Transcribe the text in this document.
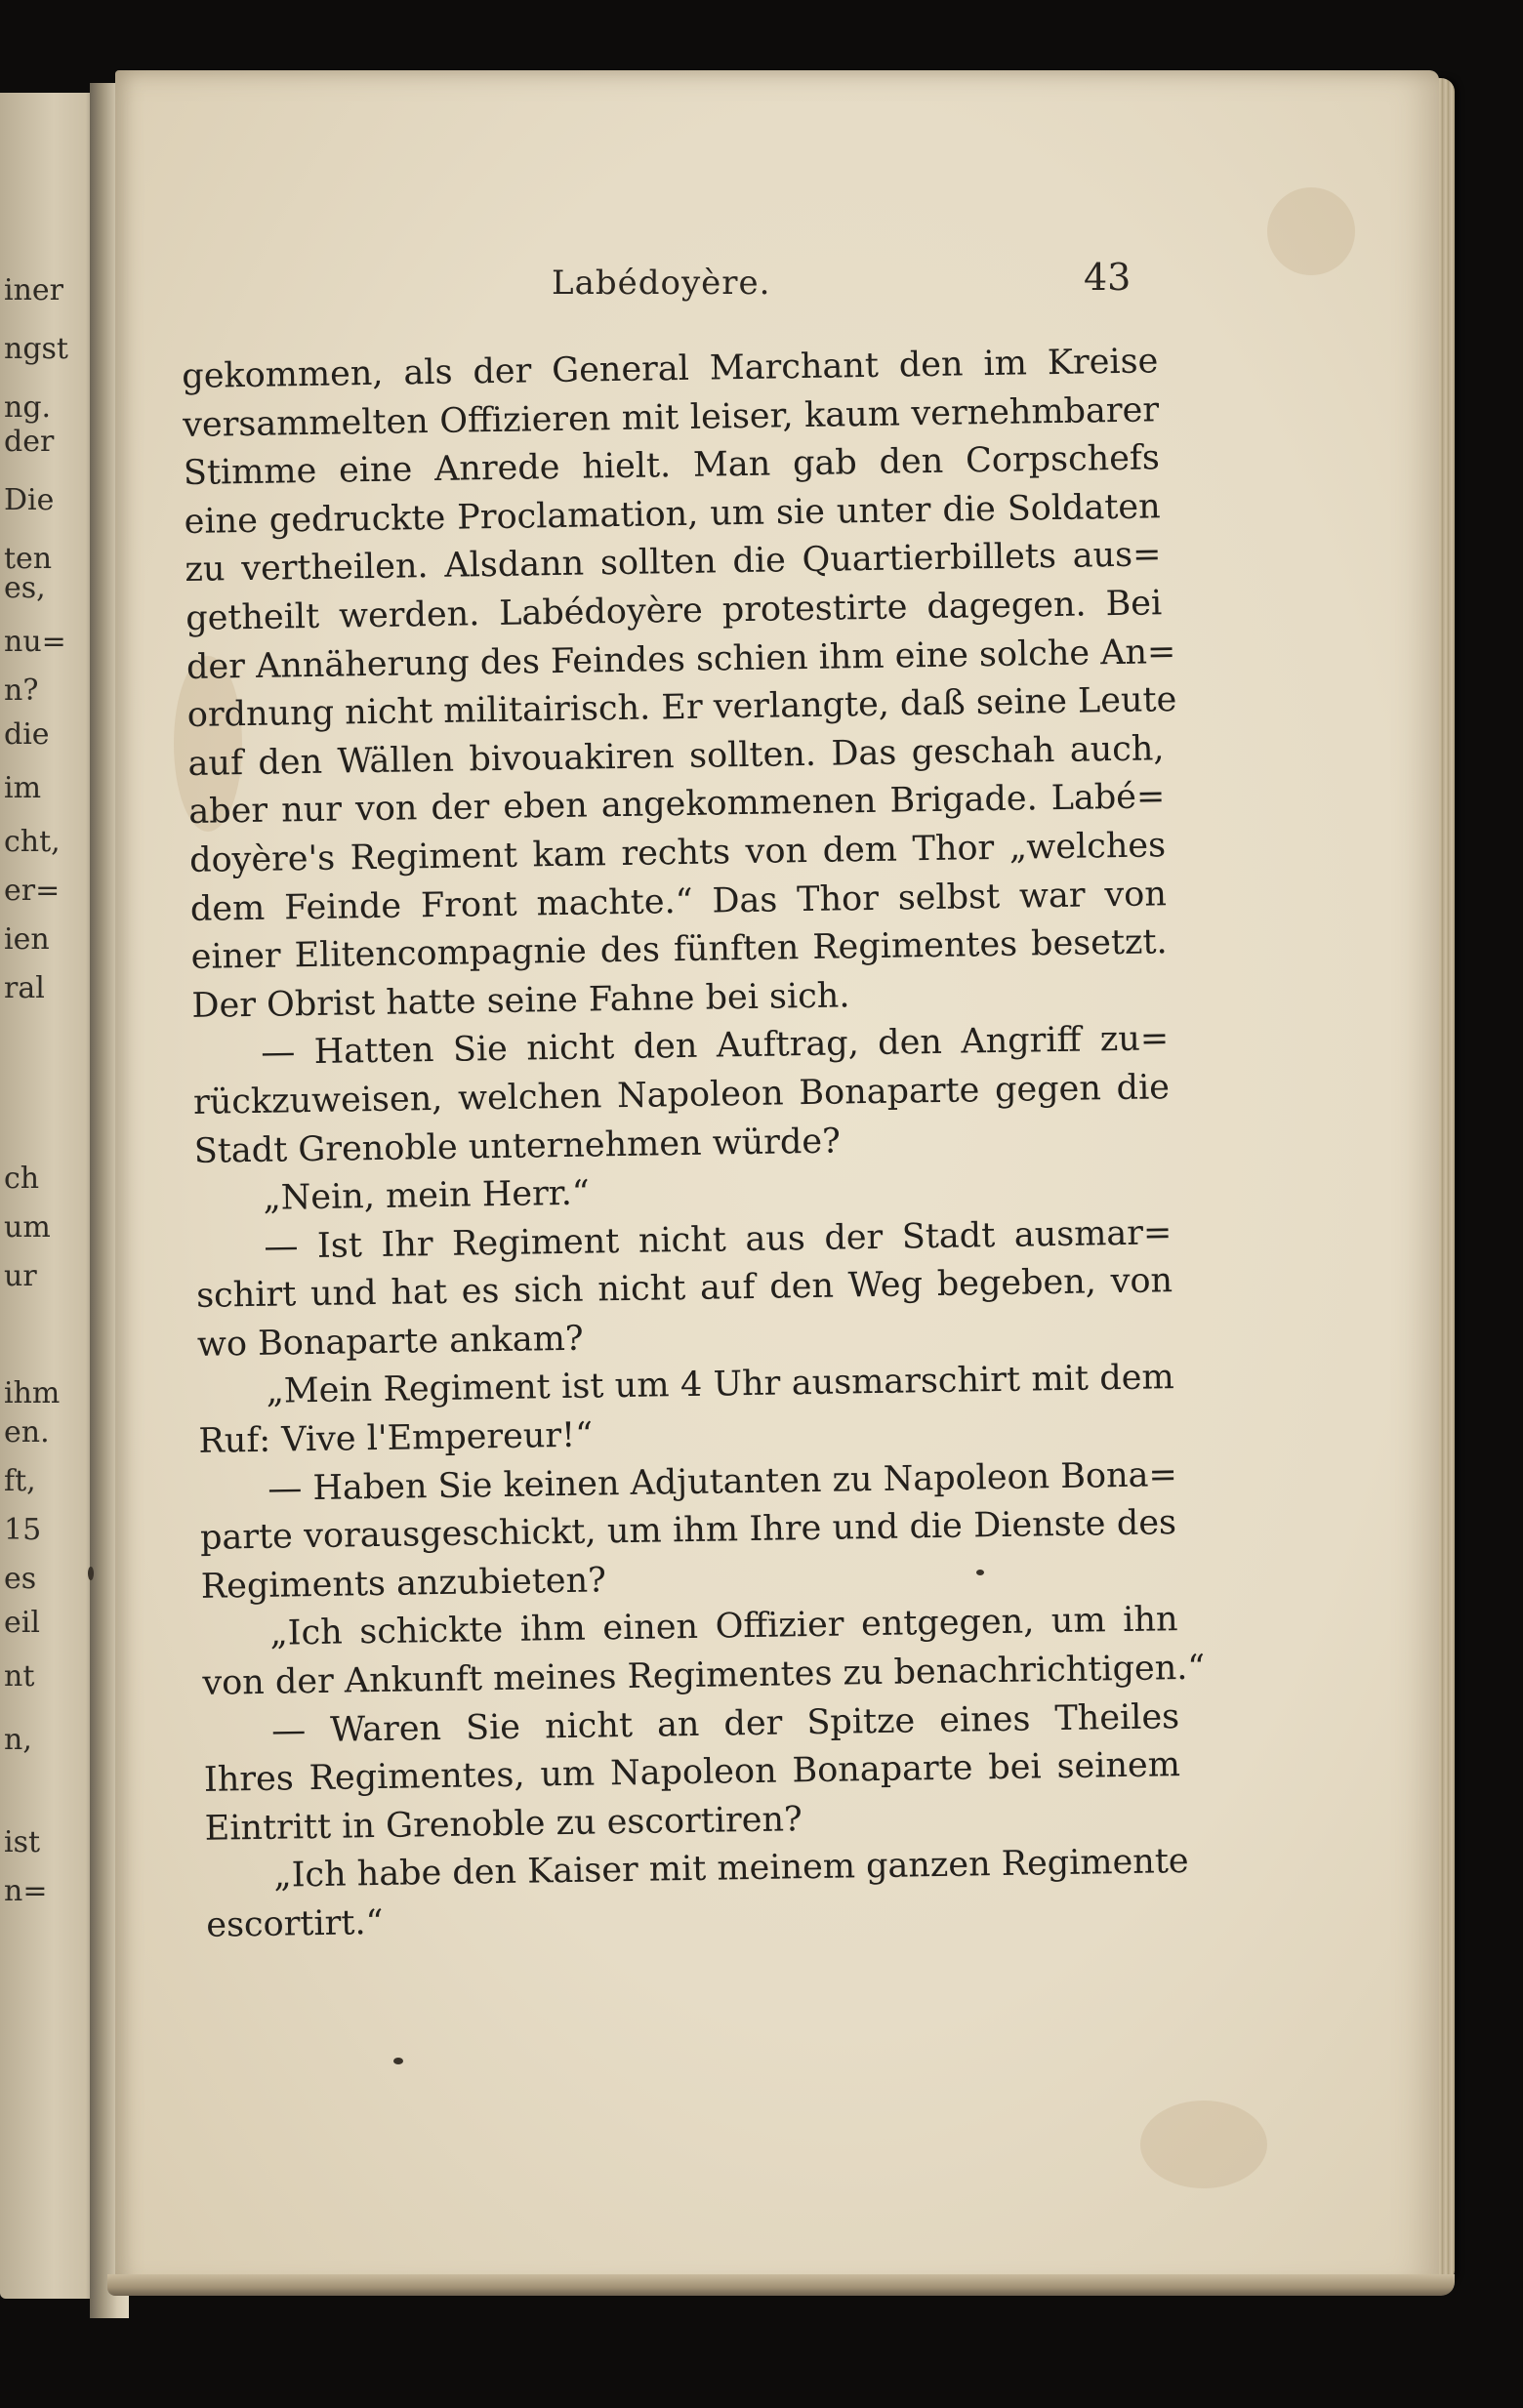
iner
ngst
ng.
der
Die
ten
es,
nu=
n?
die
im
cht,
er=
ien
ral
ch
um
ur
ihm
en.
ft,
15
es
eil
nt
n,
ist
n=
Labédoyère.	43
gekommen, als der General Marchant den im Kreise
versammelten Offizieren mit leiser, kaum vernehmbarer
Stimme eine Anrede hielt. Man gab den Corpschefs
eine gedruckte Proclamation, um sie unter die Soldaten
zu vertheilen. Alsdann sollten die Quartierbillets aus=
getheilt werden. Labédoyère protestirte dagegen. Bei
der Annäherung des Feindes schien ihm eine solche An=
ordnung nicht militairisch. Er verlangte, daß seine Leute
auf den Wällen bivouakiren sollten. Das geschah auch,
aber nur von der eben angekommenen Brigade. Labé=
doyère's Regiment kam rechts von dem Thor „welches
dem Feinde Front machte.“ Das Thor selbst war von
einer Elitencompagnie des fünften Regimentes besetzt.
Der Obrist hatte seine Fahne bei sich.
— Hatten Sie nicht den Auftrag, den Angriff zu=
rückzuweisen, welchen Napoleon Bonaparte gegen die
Stadt Grenoble unternehmen würde?
„Nein, mein Herr.“
— Ist Ihr Regiment nicht aus der Stadt ausmar=
schirt und hat es sich nicht auf den Weg begeben, von
wo Bonaparte ankam?
„Mein Regiment ist um 4 Uhr ausmarschirt mit dem
Ruf: Vive l'Empereur!“
— Haben Sie keinen Adjutanten zu Napoleon Bona=
parte vorausgeschickt, um ihm Ihre und die Dienste des
Regiments anzubieten?
„Ich schickte ihm einen Offizier entgegen, um ihn
von der Ankunft meines Regimentes zu benachrichtigen.“
— Waren Sie nicht an der Spitze eines Theiles
Ihres Regimentes, um Napoleon Bonaparte bei seinem
Eintritt in Grenoble zu escortiren?
„Ich habe den Kaiser mit meinem ganzen Regimente
escortirt.“
